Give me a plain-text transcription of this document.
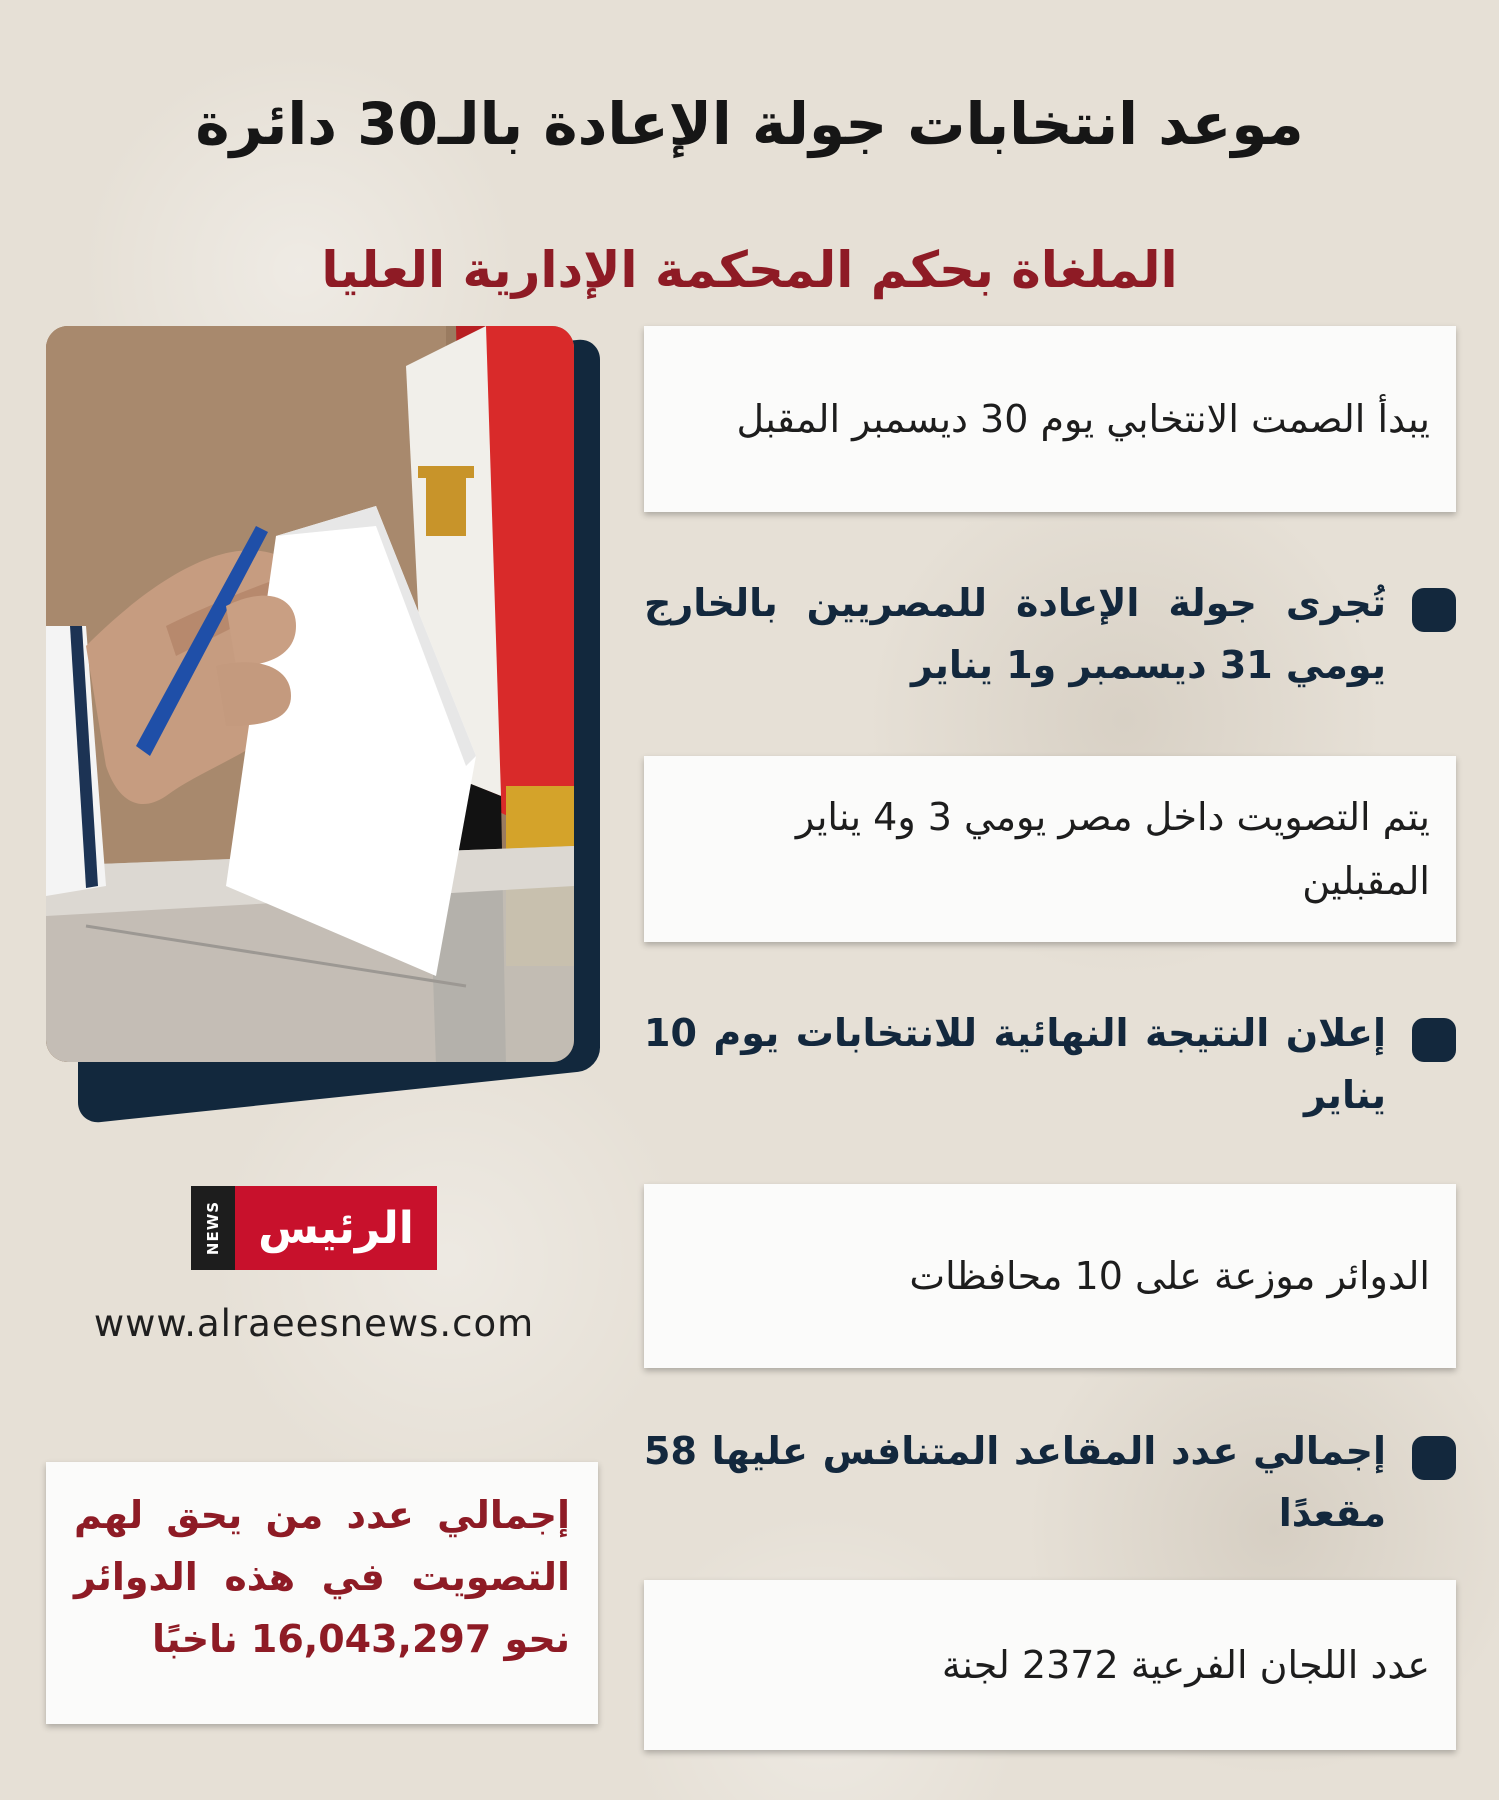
موعد انتخابات جولة الإعادة بالـ30 دائرة
الملغاة بحكم المحكمة الإدارية العليا
يبدأ الصمت الانتخابي يوم 30 ديسمبر المقبل
تُجرى جولة الإعادة للمصريين بالخارج يومي 31 ديسمبر و1 يناير
يتم التصويت داخل مصر يومي 3 و4 يناير المقبلين
إعلان النتيجة النهائية للانتخابات يوم 10 يناير
الدوائر موزعة على 10 محافظات
إجمالي عدد المقاعد المتنافس عليها 58 مقعدًا
عدد اللجان الفرعية 2372 لجنة
NEWS الرئيس
www.alraeesnews.com
إجمالي عدد من يحق لهم التصويت في هذه الدوائر نحو 16,043,297 ناخبًا
